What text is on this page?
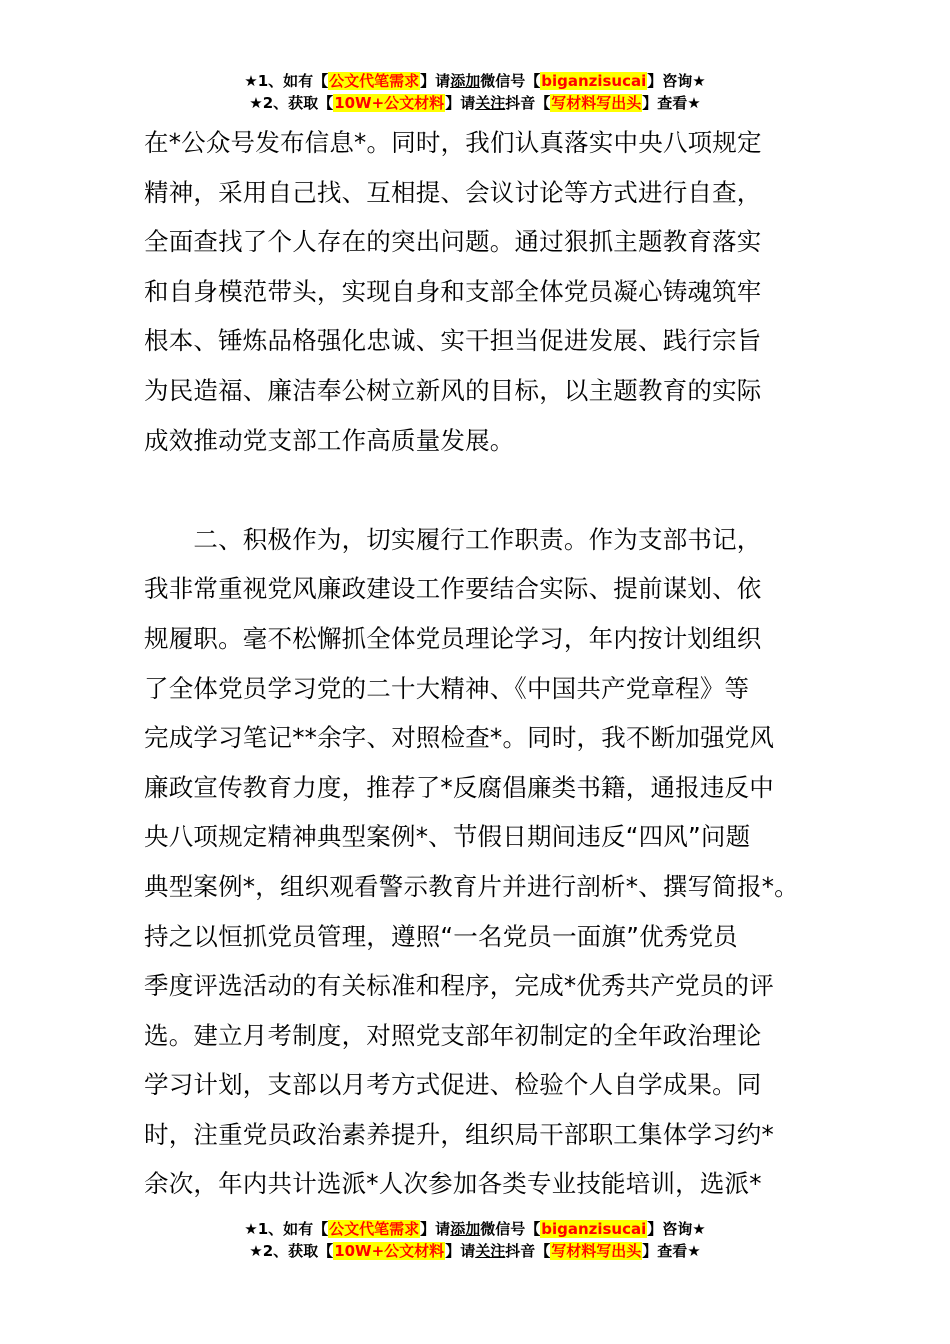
★1、如有【公文代笔需求】请添加微信号【biganzisucai】咨询★
★2、获取【10W+公文材料】请关注抖音【写材料写出头】查看★
在*公众号发布信息*。同时，我们认真落实中央八项规定
精神，采用自己找、互相提、会议讨论等方式进行自查，
全面查找了个人存在的突出问题。通过狠抓主题教育落实
和自身模范带头，实现自身和支部全体党员凝心铸魂筑牢
根本、锤炼品格强化忠诚、实干担当促进发展、践行宗旨
为民造福、廉洁奉公树立新风的目标，以主题教育的实际
成效推动党支部工作高质量发展。
　　二、积极作为，切实履行工作职责。作为支部书记，
我非常重视党风廉政建设工作要结合实际、提前谋划、依
规履职。毫不松懈抓全体党员理论学习，年内按计划组织
了全体党员学习党的二十大精神、《中国共产党章程》等
完成学习笔记**余字、对照检查*。同时，我不断加强党风
廉政宣传教育力度，推荐了*反腐倡廉类书籍，通报违反中
央八项规定精神典型案例*、节假日期间违反“四风”问题
典型案例*，组织观看警示教育片并进行剖析*、撰写简报*。
持之以恒抓党员管理，遵照“一名党员一面旗”优秀党员
季度评选活动的有关标准和程序，完成*优秀共产党员的评
选。建立月考制度，对照党支部年初制定的全年政治理论
学习计划，支部以月考方式促进、检验个人自学成果。同
时，注重党员政治素养提升，组织局干部职工集体学习约*
余次，年内共计选派*人次参加各类专业技能培训，选派*
★1、如有【公文代笔需求】请添加微信号【biganzisucai】咨询★
★2、获取【10W+公文材料】请关注抖音【写材料写出头】查看★
